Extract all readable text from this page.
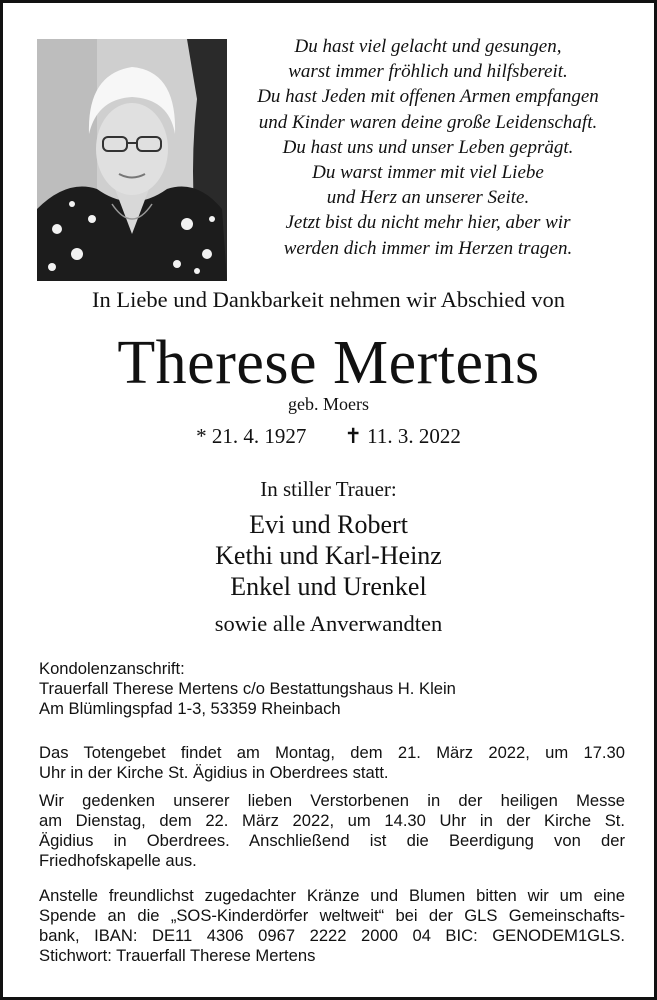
Du hast viel gelacht und gesungen,
warst immer fröhlich und hilfsbereit.
Du hast Jeden mit offenen Armen empfangen
und Kinder waren deine große Leidenschaft.
Du hast uns und unser Leben geprägt.
Du warst immer mit viel Liebe
und Herz an unserer Seite.
Jetzt bist du nicht mehr hier, aber wir
werden dich immer im Herzen tragen.
In Liebe und Dankbarkeit nehmen wir Abschied von
Therese Mertens
geb. Moers
* 21. 4. 1927 ✝ 11. 3. 2022
In stiller Trauer:
Evi und Robert
Kethi und Karl-Heinz
Enkel und Urenkel
sowie alle Anverwandten
Kondolenzanschrift:
Trauerfall Therese Mertens c/o Bestattungshaus H. Klein
Am Blümlingspfad 1-3, 53359 Rheinbach
Das Totengebet findet am Montag, dem 21. März 2022, um 17.30
Uhr in der Kirche St. Ägidius in Oberdrees statt.
Wir gedenken unserer lieben Verstorbenen in der heiligen Messe
am Dienstag, dem 22. März 2022, um 14.30 Uhr in der Kirche St.
Ägidius in Oberdrees. Anschließend ist die Beerdigung von der
Friedhofskapelle aus.
Anstelle freundlichst zugedachter Kränze und Blumen bitten wir um eine
Spende an die „SOS-Kinderdörfer weltweit“ bei der GLS Gemeinschafts-
bank, IBAN: DE11 4306 0967 2222 2000 04 BIC: GENODEM1GLS.
Stichwort: Trauerfall Therese Mertens
